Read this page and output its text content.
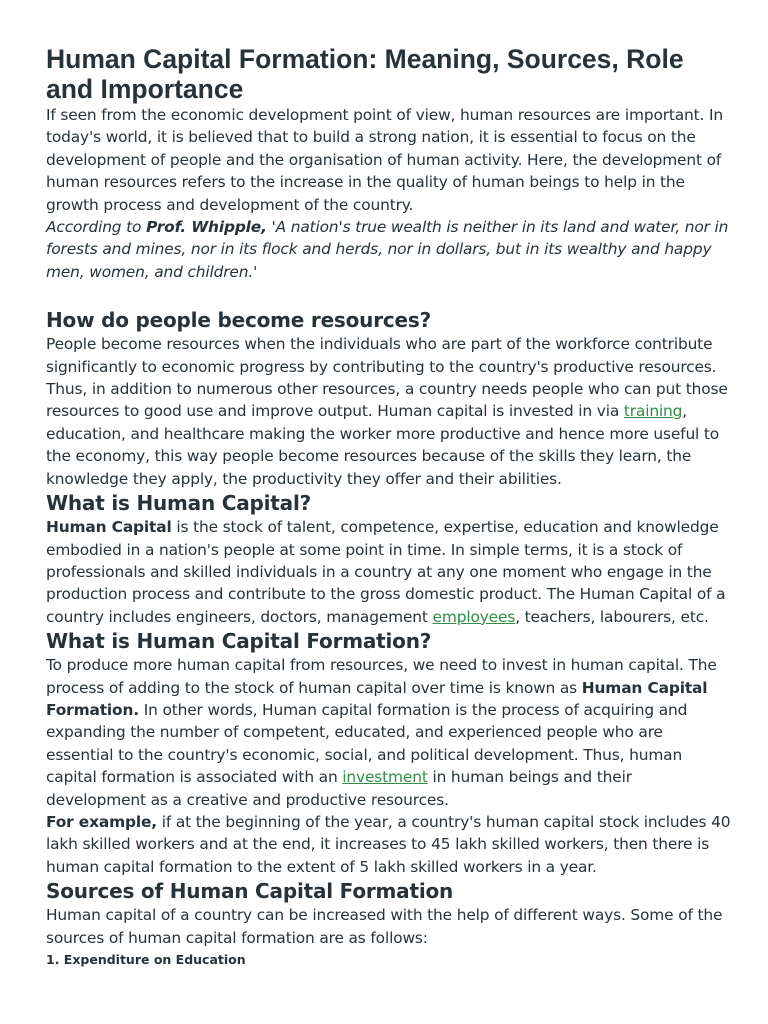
Human Capital Formation: Meaning, Sources, Role and Importance

If seen from the economic development point of view, human resources are important. In today's world, it is believed that to build a strong nation, it is essential to focus on the development of people and the organisation of human activity. Here, the development of human resources refers to the increase in the quality of human beings to help in the growth process and development of the country.

According to Prof. Whipple, 'A nation's true wealth is neither in its land and water, nor in forests and mines, nor in its flock and herds, nor in dollars, but in its wealthy and happy men, women, and children.'

How do people become resources?

People become resources when the individuals who are part of the workforce contribute significantly to economic progress by contributing to the country's productive resources. Thus, in addition to numerous other resources, a country needs people who can put those resources to good use and improve output. Human capital is invested in via training, education, and healthcare making the worker more productive and hence more useful to the economy, this way people become resources because of the skills they learn, the knowledge they apply, the productivity they offer and their abilities.

What is Human Capital?

Human Capital is the stock of talent, competence, expertise, education and knowledge embodied in a nation's people at some point in time. In simple terms, it is a stock of professionals and skilled individuals in a country at any one moment who engage in the production process and contribute to the gross domestic product. The Human Capital of a country includes engineers, doctors, management employees, teachers, labourers, etc.

What is Human Capital Formation?

To produce more human capital from resources, we need to invest in human capital. The process of adding to the stock of human capital over time is known as Human Capital Formation. In other words, Human capital formation is the process of acquiring and expanding the number of competent, educated, and experienced people who are essential to the country's economic, social, and political development. Thus, human capital formation is associated with an investment in human beings and their development as a creative and productive resources.

For example, if at the beginning of the year, a country's human capital stock includes 40 lakh skilled workers and at the end, it increases to 45 lakh skilled workers, then there is human capital formation to the extent of 5 lakh skilled workers in a year.

Sources of Human Capital Formation

Human capital of a country can be increased with the help of different ways. Some of the sources of human capital formation are as follows:

1. Expenditure on Education
